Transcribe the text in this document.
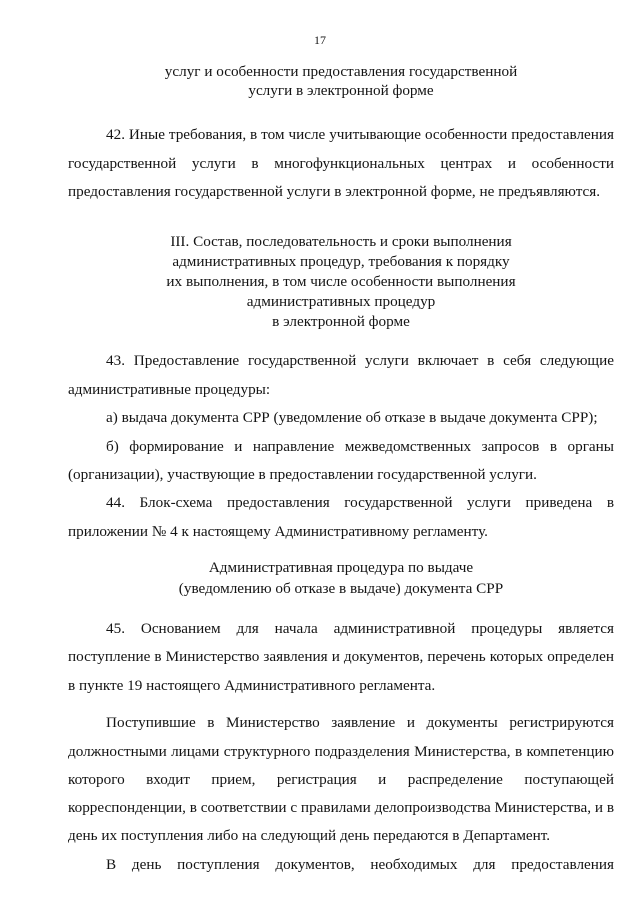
17
услуг и особенности предоставления государственной
услуги в электронной форме
42. Иные требования, в том числе учитывающие особенности предоставления
государственной услуги в многофункциональных центрах и особенности
предоставления государственной услуги в электронной форме, не предъявляются.
III. Состав, последовательность и сроки выполнения
административных процедур, требования к порядку
их выполнения, в том числе особенности выполнения
административных процедур
в электронной форме
43. Предоставление государственной услуги включает в себя следующие
административные процедуры:
а) выдача документа СРР (уведомление об отказе в выдаче документа СРР);
б) формирование и направление межведомственных запросов в органы
(организации), участвующие в предоставлении государственной услуги.
44. Блок-схема предоставления государственной услуги приведена в
приложении № 4 к настоящему Административному регламенту.
Административная процедура по выдаче
(уведомлению об отказе в выдаче) документа СРР
45. Основанием для начала административной процедуры является
поступление в Министерство заявления и документов, перечень которых определен
в пункте 19 настоящего Административного регламента.
Поступившие в Министерство заявление и документы регистрируются
должностными лицами структурного подразделения Министерства, в компетенцию
которого входит прием, регистрация и распределение поступающей
корреспонденции, в соответствии с правилами делопроизводства Министерства, и в
день их поступления либо на следующий день передаются в Департамент.
В день поступления документов, необходимых для предоставления
